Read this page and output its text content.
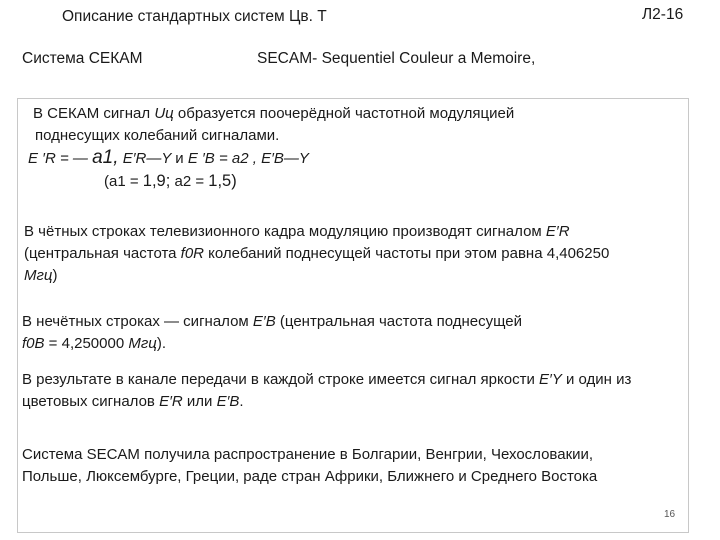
Описание стандартных систем Цв. Т	Л2-16
Система СЕКАМ	SECAM- Sequentiel Couleur a Memoire,
В СЕКАМ сигнал Uц образуется поочерёдной частотной модуляцией
поднесущих колебаний сигналами.
E ′R = — a1, E′R—Y и E ′B = a2 , E′B—Y
(a1 = 1,9; a2 = 1,5)
В чётных строках телевизионного кадра модуляцию производят сигналом E′R
(центральная частота f0R колебаний поднесущей частоты при этом равна 4,406250
Мгц)
В нечётных строках — сигналом E′B (центральная частота поднесущей
f0B = 4,250000 Мгц).
В результате в канале передачи в каждой строке имеется сигнал яркости E′Y и один из
цветовых сигналов E′R или E′B.
Система SECAM получила распространение в Болгарии, Венгрии, Чехословакии,
Польше, Люксембурге, Греции, раде стран Африки, Ближнего и Среднего Востока
16
